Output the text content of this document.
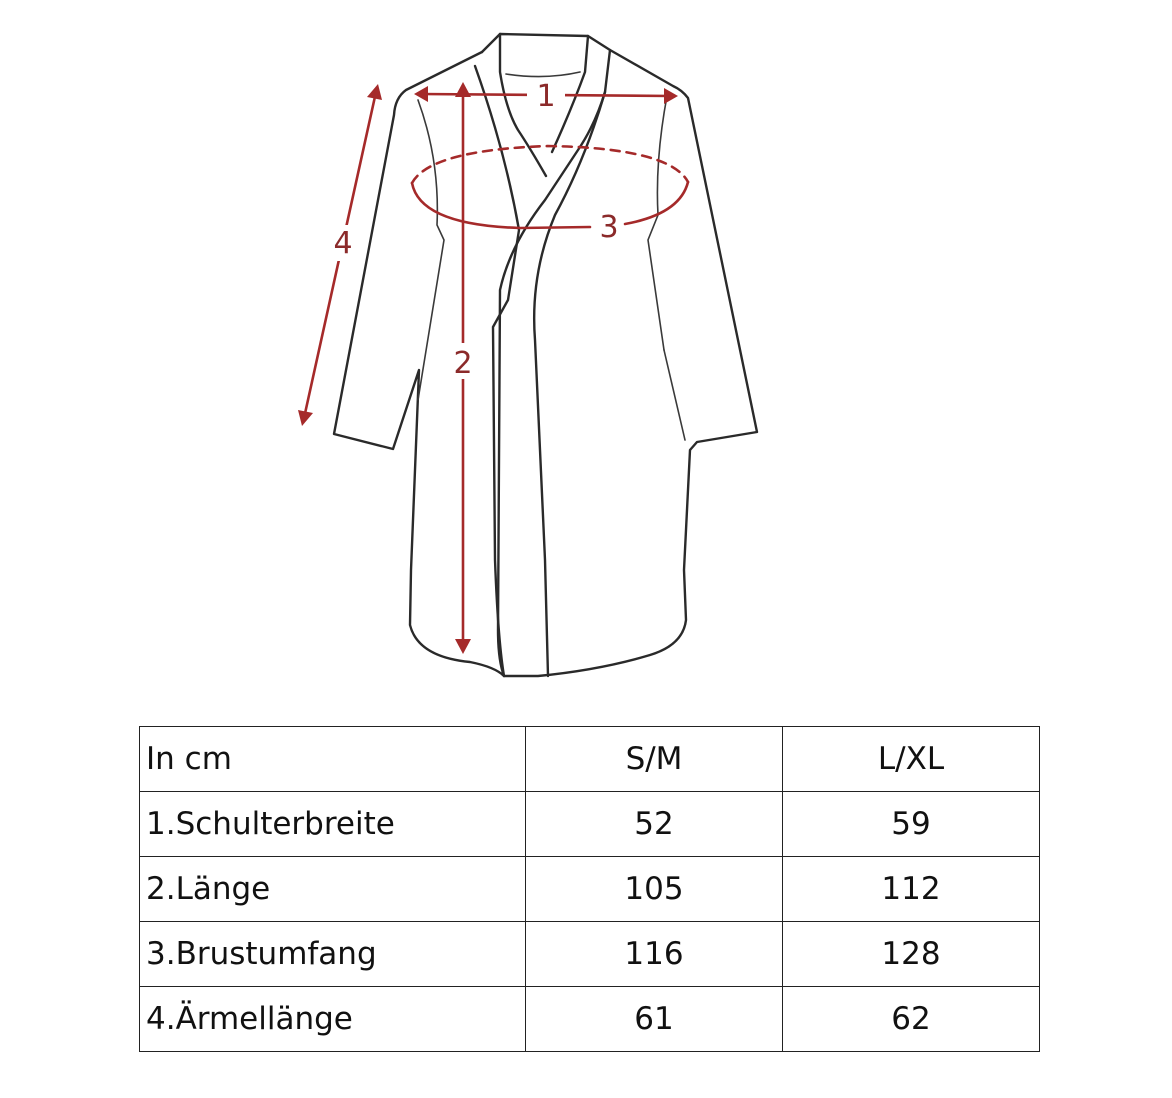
1
2
3
4
In cm	S/M	L/XL
1.Schulterbreite	52	59
2.Länge	105	112
3.Brustumfang	116	128
4.Ärmellänge	61	62
